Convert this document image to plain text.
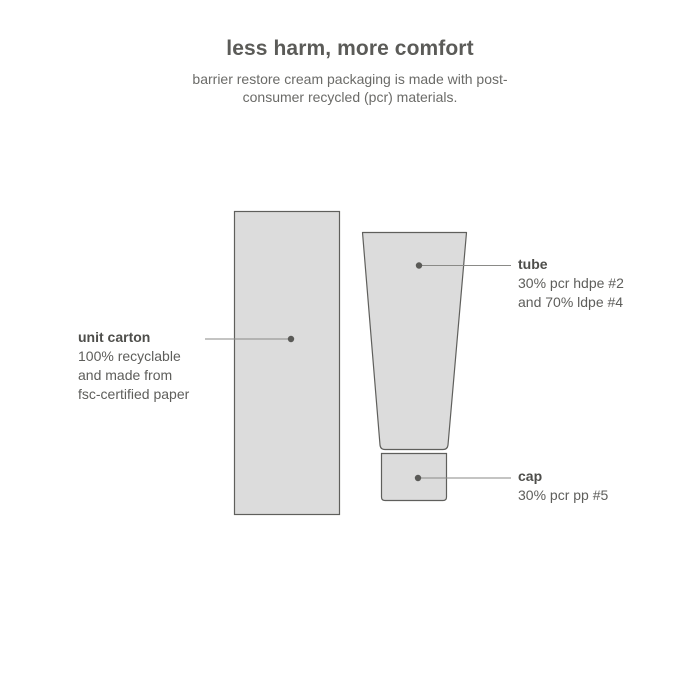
less harm, more comfort
barrier restore cream packaging is made with post-
consumer recycled (pcr) materials.
unit carton
100% recyclable
and made from
fsc-certified paper
tube
30% pcr hdpe #2
and 70% ldpe #4
cap
30% pcr pp #5
